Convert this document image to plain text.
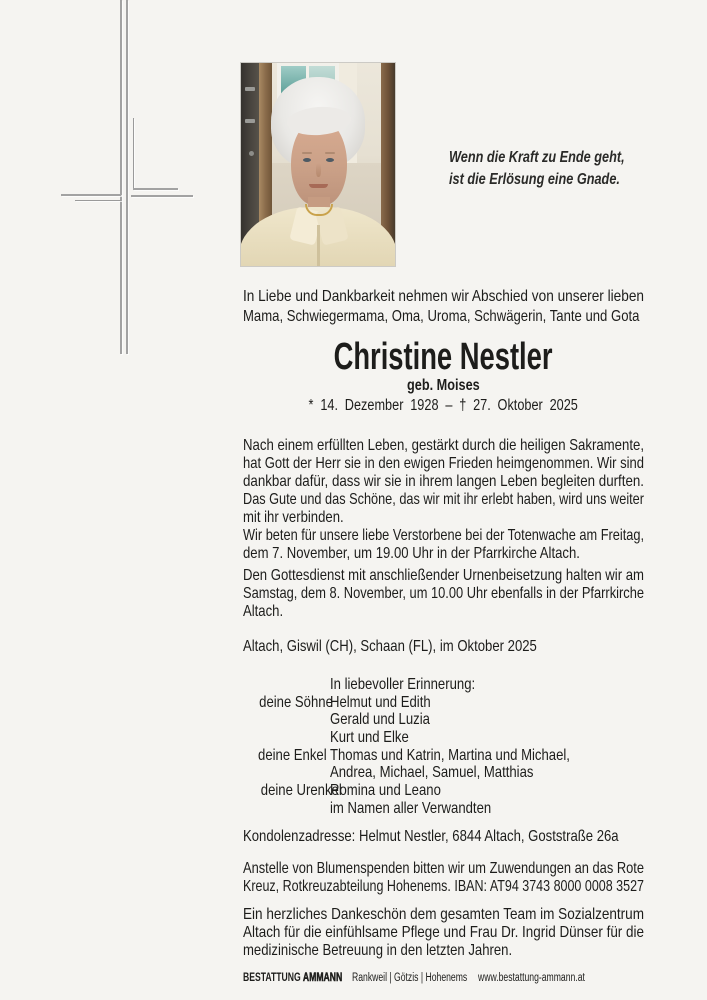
Wenn die Kraft zu Ende geht,
ist die Erlösung eine Gnade.
In Liebe und Dankbarkeit nehmen wir Abschied von unserer lieben
Mama, Schwiegermama, Oma, Uroma, Schwägerin, Tante und Gota
Christine Nestler
geb. Moises
* 14. Dezember 1928 – † 27. Oktober 2025
Nach einem erfüllten Leben, gestärkt durch die heiligen Sakramente,
hat Gott der Herr sie in den ewigen Frieden heimgenommen. Wir sind
dankbar dafür, dass wir sie in ihrem langen Leben begleiten durften.
Das Gute und das Schöne, das wir mit ihr erlebt haben, wird uns weiter
mit ihr verbinden.
Wir beten für unsere liebe Verstorbene bei der Totenwache am Freitag,
dem 7. November, um 19.00 Uhr in der Pfarrkirche Altach.
Den Gottesdienst mit anschließender Urnenbeisetzung halten wir am
Samstag, dem 8. November, um 10.00 Uhr ebenfalls in der Pfarrkirche
Altach.
Altach, Giswil (CH), Schaan (FL), im Oktober 2025
In liebevoller Erinnerung:
deine Söhne
Helmut und Edith
Gerald und Luzia
Kurt und Elke
deine Enkel Thomas und Katrin, Martina und Michael,
Andrea, Michael, Samuel, Matthias
deine Urenkel
Romina und Leano
im Namen aller Verwandten
Kondolenzadresse: Helmut Nestler, 6844 Altach, Goststraße 26a
Anstelle von Blumenspenden bitten wir um Zuwendungen an das Rote
Kreuz, Rotkreuzabteilung Hohenems. IBAN: AT94 3743 8000 0008 3527
Ein herzliches Dankeschön dem gesamten Team im Sozialzentrum
Altach für die einfühlsame Pflege und Frau Dr. Ingrid Dünser für die
medizinische Betreuung in den letzten Jahren.
BESTATTUNG AMMANN Rankweil | Götzis | Hohenems www.bestattung-ammann.at
